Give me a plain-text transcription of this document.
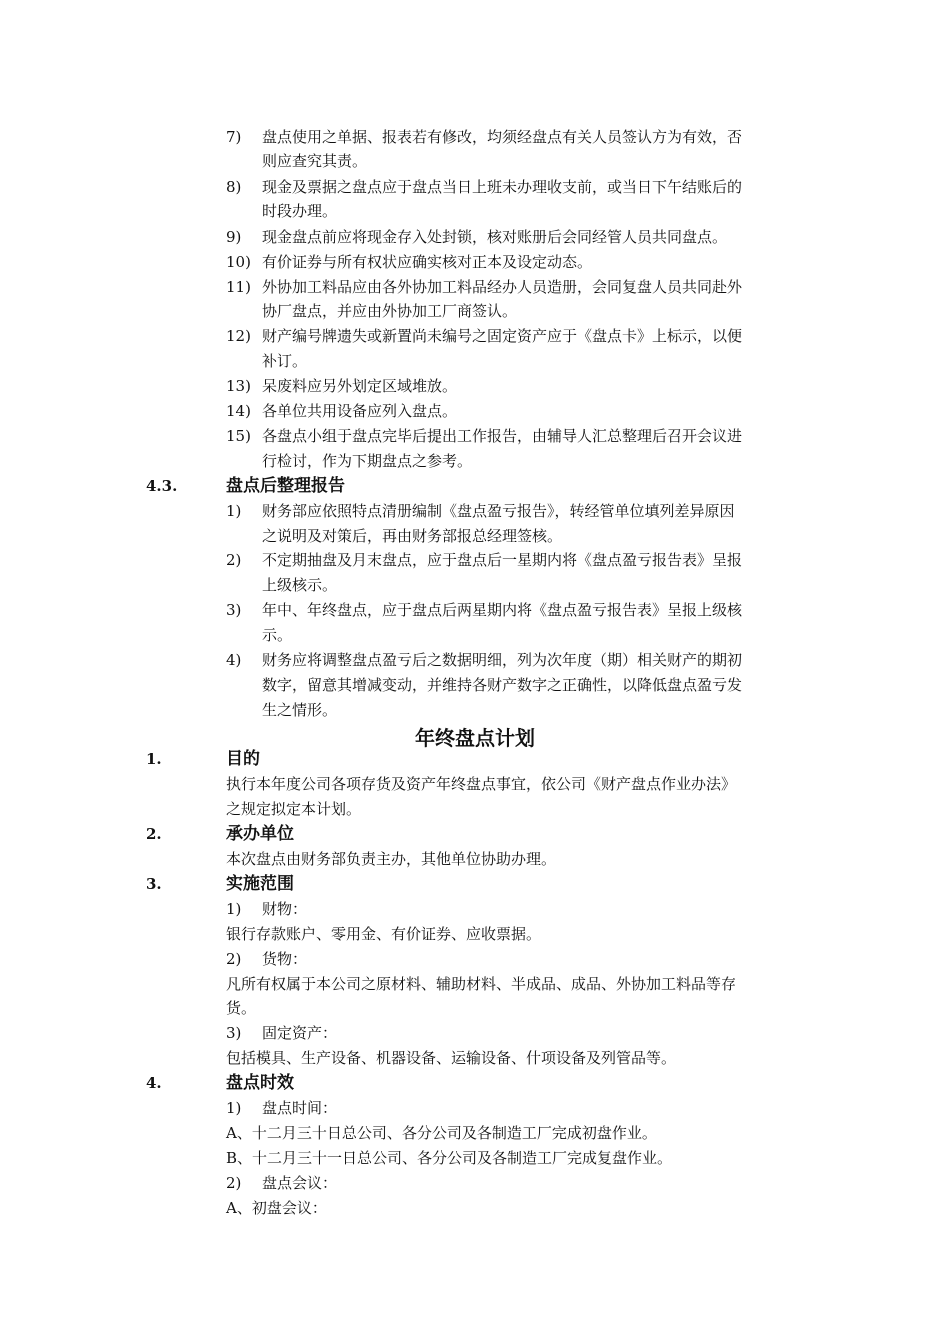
7)	盘点使用之单据、报表若有修改，均须经盘点有关人员签认方为有效，否
则应查究其责。
8)	现金及票据之盘点应于盘点当日上班未办理收支前，或当日下午结账后的
时段办理。
9)	现金盘点前应将现金存入处封锁，核对账册后会同经管人员共同盘点。
10) 有价证券与所有权状应确实核对正本及设定动态。
11) 外协加工料品应由各外协加工料品经办人员造册，会同复盘人员共同赴外
协厂盘点，并应由外协加工厂商签认。
12) 财产编号牌遗失或新置尚未编号之固定资产应于《盘点卡》上标示，以便
补订。
13) 呆废料应另外划定区域堆放。
14) 各单位共用设备应列入盘点。
15) 各盘点小组于盘点完毕后提出工作报告，由辅导人汇总整理后召开会议进
行检讨，作为下期盘点之参考。
4.3.	盘点后整理报告
1)	财务部应依照特点清册编制《盘点盈亏报告》，转经管单位填列差异原因
之说明及对策后，再由财务部报总经理签核。
2)	不定期抽盘及月末盘点，应于盘点后一星期内将《盘点盈亏报告表》呈报
上级核示。
3)	年中、年终盘点，应于盘点后两星期内将《盘点盈亏报告表》呈报上级核
示。
4)	财务应将调整盘点盈亏后之数据明细，列为次年度（期）相关财产的期初
数字，留意其增减变动，并维持各财产数字之正确性，以降低盘点盈亏发
生之情形。
年终盘点计划
1.	目的
执行本年度公司各项存货及资产年终盘点事宜，依公司《财产盘点作业办法》
之规定拟定本计划。
2.	承办单位
本次盘点由财务部负责主办，其他单位协助办理。
3.	实施范围
1)	财物：
银行存款账户、零用金、有价证券、应收票据。
2)	货物：
凡所有权属于本公司之原材料、辅助材料、半成品、成品、外协加工料品等存
货。
3)	固定资产：
包括模具、生产设备、机器设备、运输设备、什项设备及列管品等。
4.	盘点时效
1)	盘点时间：
A、十二月三十日总公司、各分公司及各制造工厂完成初盘作业。
B、十二月三十一日总公司、各分公司及各制造工厂完成复盘作业。
2)	盘点会议：
A、初盘会议：
